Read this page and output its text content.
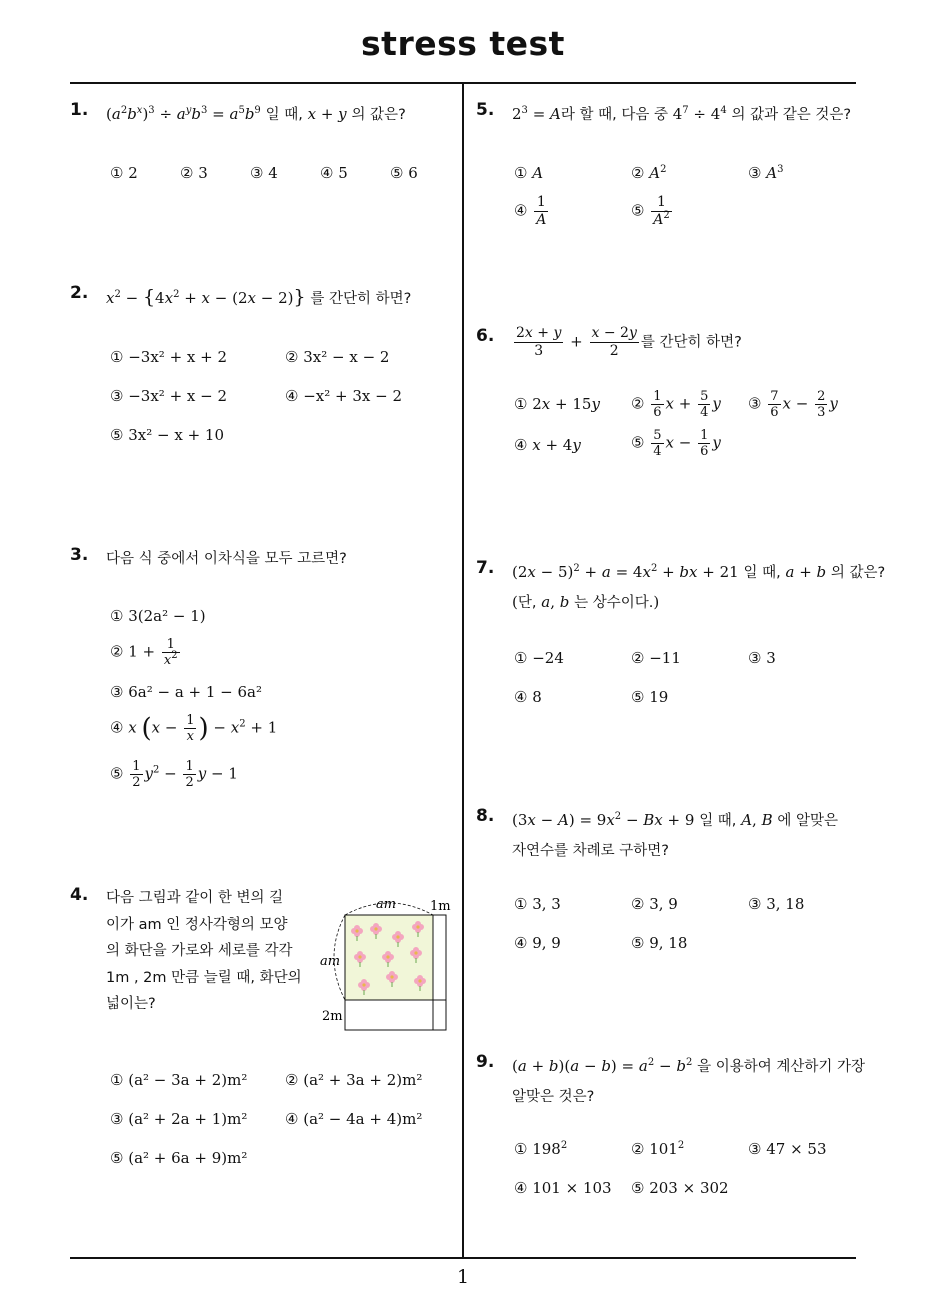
stress test
1
1. $(a^2b^x)^3 \div a^yb^3 = a^5b^9$ 일 때, x + y 의 값은?
① 2	② 3	③ 4	④ 5	⑤ 6
2. $x^2 - \{4x^2 + x - (2x - 2)\}$ 를 간단히 하면?
① −3x² + x + 2	② 3x² − x − 2
③ −3x² + x − 2	④ −x² + 3x − 2
⑤ 3x² − x + 10
3. 다음 식 중에서 이차식을 모두 고르면?
① 3(2a² − 1)
② $1 + \frac{1}{x^2}$
③ 6a² − a + 1 − 6a²
④ x ($x - \frac{1}{x}$ ) − $x^2 + 1$
⑤ $\frac{1}{2} y^2 - \frac{1}{2}$ y − 1
4. 다음 그림과 같이 한 변의 길
이가 am 인 정사각형의 모양
의 화단을 가로와 세로를 각각
1m , 2m 만큼 늘릴 때, 화단의
넓이는?
① (a² − 3a + 2)m²	② (a² + 3a + 2)m²
③ (a² + 2a + 1)m²	④ (a² − 4a + 4)m²
⑤ (a² + 6a + 9)m²
am	1m
am
2m
5. $2^3 = A$라 할 때, 다음 중 $4^7 \div 4^4$ 의 값과 같은 것은?
① A	② $A^2$	③ $A^3$
④ $\frac{1}{A}$	⑤ $\frac{1}{A^2}$
6. $\frac{2x + y}{3} + \frac{x - 2y}{2}$ 를 간단히 하면?
① 2x + 15y ② $\frac{1}{6}$ $x + \frac{5}{4}$ y ③ $\frac{7}{6}$ $x - \frac{2}{3}$ y
④ x + 4y	⑤ $\frac{5}{4}$ $x - \frac{1}{6}$ y
7. $(2x - 5)^2 + a = 4x^2$ + bx + 21 일 때, a + b 의 값은?
(단, a, b 는 상수이다.)
① −24	② −11	③ 3
④ 8	⑤ 19
8. $(3x - A) = 9x^2 - Bx + 9$ 일 때, A, B 에 알맞은
자연수를 차례로 구하면?
① 3, 3	② 3, 9	③ 3, 18
④ 9, 9	⑤ 9, 18
9. $(a + b)(a - b) = a^2 - b^2$ 을 이용하여 계산하기 가장
알맞은 것은?
① $198^2$	② $101^2$	③ 47 × 53
④ 101 × 103 ⑤ 203 × 302
